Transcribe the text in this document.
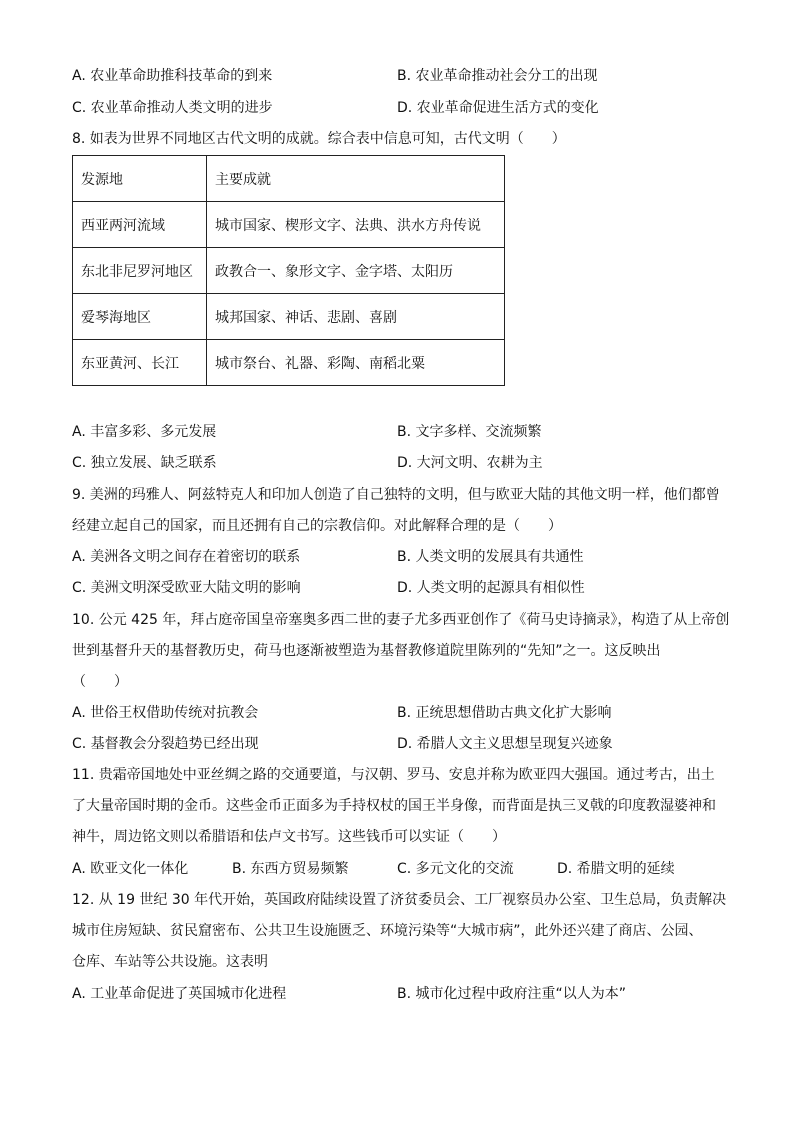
A. 农业革命助推科技革命的到来	B. 农业革命推动社会分工的出现
C. 农业革命推动人类文明的进步	D. 农业革命促进生活方式的变化
8. 如表为世界不同地区古代文明的成就。综合表中信息可知，古代文明（　　）
发源地	主要成就
西亚两河流域	城市国家、楔形文字、法典、洪水方舟传说
东北非尼罗河地区	政教合一、象形文字、金字塔、太阳历
爱琴海地区	城邦国家、神话、悲剧、喜剧
东亚黄河、长江	城市祭台、礼器、彩陶、南稻北粟
A. 丰富多彩、多元发展	B. 文字多样、交流频繁
C. 独立发展、缺乏联系	D. 大河文明、农耕为主
9. 美洲的玛雅人、阿兹特克人和印加人创造了自己独特的文明，但与欧亚大陆的其他文明一样，他们都曾
经建立起自己的国家，而且还拥有自己的宗教信仰。对此解释合理的是（　　）
A. 美洲各文明之间存在着密切的联系	B. 人类文明的发展具有共通性
C. 美洲文明深受欧亚大陆文明的影响	D. 人类文明的起源具有相似性
10. 公元 425 年，拜占庭帝国皇帝塞奥多西二世的妻子尤多西亚创作了《荷马史诗摘录》，构造了从上帝创
世到基督升天的基督教历史，荷马也逐渐被塑造为基督教修道院里陈列的“先知”之一。这反映出
（　　）
A. 世俗王权借助传统对抗教会	B. 正统思想借助古典文化扩大影响
C. 基督教会分裂趋势已经出现	D. 希腊人文主义思想呈现复兴迹象
11. 贵霜帝国地处中亚丝绸之路的交通要道，与汉朝、罗马、安息并称为欧亚四大强国。通过考古，出土
了大量帝国时期的金币。这些金币正面多为手持权杖的国王半身像，而背面是执三叉戟的印度教湿婆神和
神牛，周边铭文则以希腊语和佉卢文书写。这些钱币可以实证（　　）
A. 欧亚文化一体化	B. 东西方贸易频繁	C. 多元文化的交流	D. 希腊文明的延续
12. 从 19 世纪 30 年代开始，英国政府陆续设置了济贫委员会、工厂视察员办公室、卫生总局，负责解决
城市住房短缺、贫民窟密布、公共卫生设施匮乏、环境污染等“大城市病”，此外还兴建了商店、公园、
仓库、车站等公共设施。这表明
A. 工业革命促进了英国城市化进程	B. 城市化过程中政府注重“以人为本”
